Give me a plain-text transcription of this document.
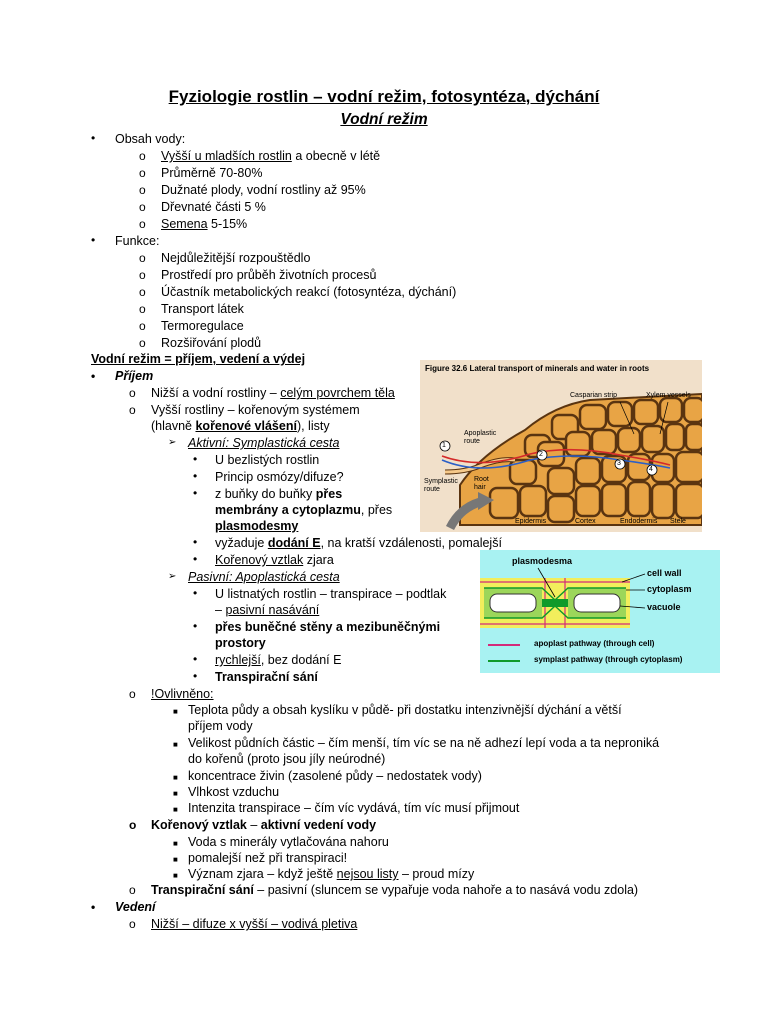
Fyziologie rostlin – vodní režim, fotosyntéza, dýchání
Vodní režim
• Obsah vody:
o Vyšší u mladších rostlin a obecně v létě
o Průměrně 70-80%
o Dužnaté plody, vodní rostliny až 95%
o Dřevnaté části 5 %
o Semena 5-15%
• Funkce:
o Nejdůležitější rozpouštědlo
o Prostředí pro průběh životních procesů
o Účastník metabolických reakcí (fotosyntéza, dýchání)
o Transport látek
o Termoregulace
o Rozšiřování plodů
Vodní režim = příjem, vedení a výdej
• Příjem
o Nižší a vodní rostliny – celým povrchem těla
o Vyšší rostliny – kořenovým systémem
(hlavně kořenové vlášení), listy
➢ Aktivní: Symplastická cesta
• U bezlistých rostlin
• Princip osmózy/difuze?
• z buňky do buňky přes
membrány a cytoplazmu, přes
plasmodesmy
• vyžaduje dodání E, na kratší vzdálenosti, pomalejší
• Kořenový vztlak zjara
➢ Pasivní: Apoplastická cesta
• U listnatých rostlin – transpirace – podtlak
– pasivní nasávání
• přes buněčné stěny a mezibuněčnými
prostory
• rychlejší, bez dodání E
• Transpirační sání
o !Ovlivněno:
■ Teplota půdy a obsah kyslíku v půdě- při dostatku intenzivnější dýchání a větší
příjem vody
■ Velikost půdních částic – čím menší, tím víc se na ně adhezí lepí voda a ta neproniká
do kořenů (proto jsou jíly neúrodné)
■ koncentrace živin (zasolené půdy – nedostatek vody)
■ Vlhkost vzduchu
■ Intenzita transpirace – čím víc vydává, tím víc musí přijmout
o Kořenový vztlak – aktivní vedení vody
■ Voda s minerály vytlačována nahoru
■ pomalejší než při transpiraci!
■ Význam zjara – když ještě nejsou listy – proud mízy
o Transpirační sání – pasivní (sluncem se vypařuje voda nahoře a to nasává vodu zdola)
• Vedení
o Nižší – difuze x vyšší – vodivá pletiva
Figure 32.6 Lateral transport of minerals and water in roots
Casparian strip	Xylem vessels
Apoplastic route
Symplastic route
Root hair
Epidermis	Cortex	Endodermis Stele
1
2
3
4
plasmodesma
cell wall
cytoplasm
vacuole
apoplast pathway (through cell)
symplast pathway (through cytoplasm)
